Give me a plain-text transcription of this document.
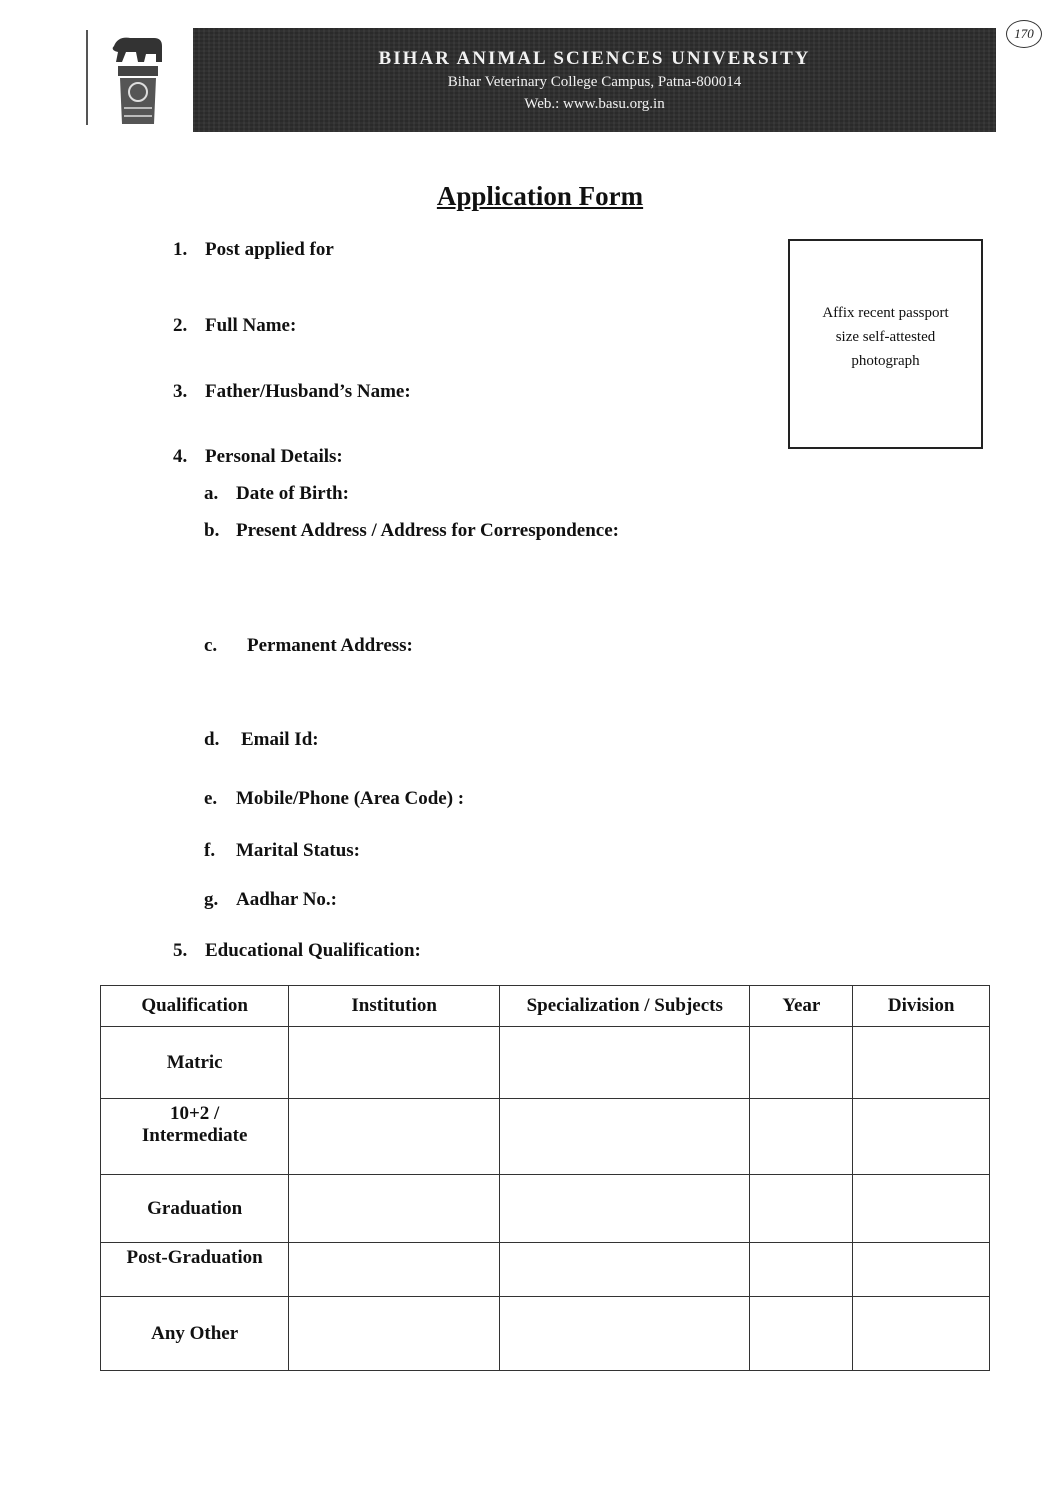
170
BIHAR ANIMAL SCIENCES UNIVERSITY
Bihar Veterinary College Campus, Patna-800014
Web.: www.basu.org.in
Application Form
1. Post applied for
2. Full Name:
3. Father/Husband’s Name:
4. Personal Details:
a. Date of Birth:
b. Present Address / Address for Correspondence:
c. Permanent Address:
d. Email Id:
e. Mobile/Phone (Area Code) :
f. Marital Status:
g. Aadhar No.:
5. Educational Qualification:
Affix recent passport
size self-attested
photograph
Qualification	Institution	Specialization / Subjects	Year	Division
Matric				
10+2 /
Intermediate				
Graduation				
Post-Graduation				
Any Other				
